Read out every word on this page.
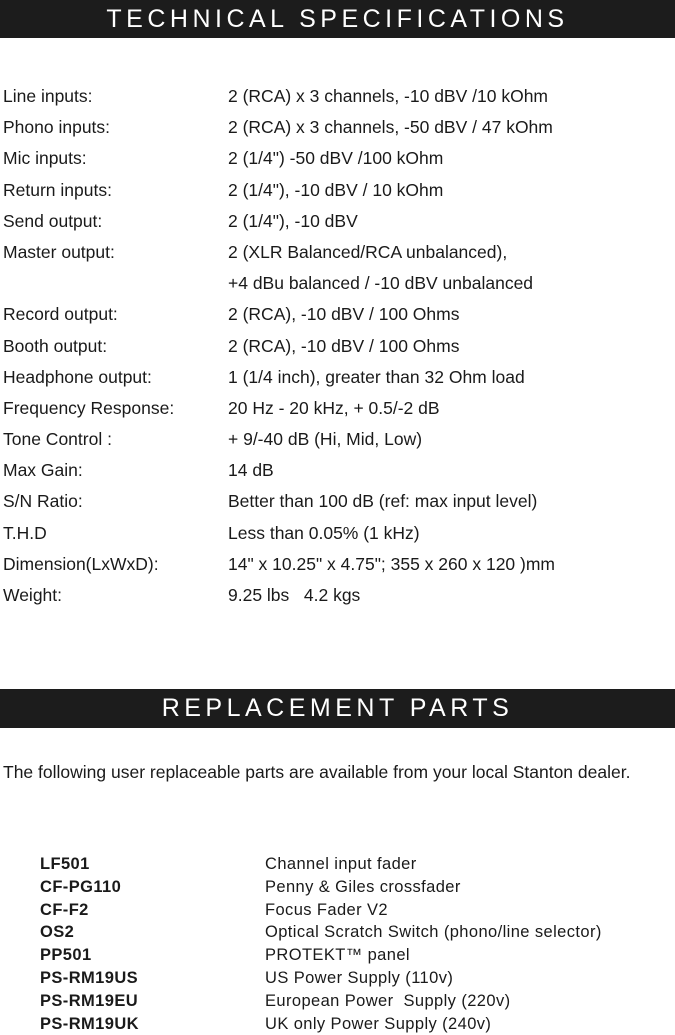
TECHNICAL SPECIFICATIONS
Line inputs:	2 (RCA) x 3 channels, -10 dBV /10 kOhm
Phono inputs:	2 (RCA) x 3 channels, -50 dBV / 47 kOhm
Mic inputs:	2 (1/4") -50 dBV /100 kOhm
Return inputs:	2 (1/4"), -10 dBV / 10 kOhm
Send output:	2 (1/4"), -10 dBV
Master output:	2 (XLR Balanced/RCA unbalanced),
+4 dBu balanced / -10 dBV unbalanced
Record output:	2 (RCA), -10 dBV / 100 Ohms
Booth output:	2 (RCA), -10 dBV / 100 Ohms
Headphone output:	1 (1/4 inch), greater than 32 Ohm load
Frequency Response:	20 Hz - 20 kHz, + 0.5/-2 dB
Tone Control :	+ 9/-40 dB (Hi, Mid, Low)
Max Gain:	14 dB
S/N Ratio:	Better than 100 dB (ref: max input level)
T.H.D	Less than 0.05% (1 kHz)
Dimension(LxWxD):	14" x 10.25" x 4.75"; 355 x 260 x 120 )mm
Weight:	9.25 lbs   4.2 kgs
REPLACEMENT PARTS
The following user replaceable parts are available from your local Stanton dealer.
LF501	Channel input fader
CF-PG110	Penny & Giles crossfader
CF-F2	Focus Fader V2
OS2	Optical Scratch Switch (phono/line selector)
PP501	PROTEKT™ panel
PS-RM19US	US Power Supply (110v)
PS-RM19EU	European Power  Supply (220v)
PS-RM19UK	UK only Power Supply (240v)
